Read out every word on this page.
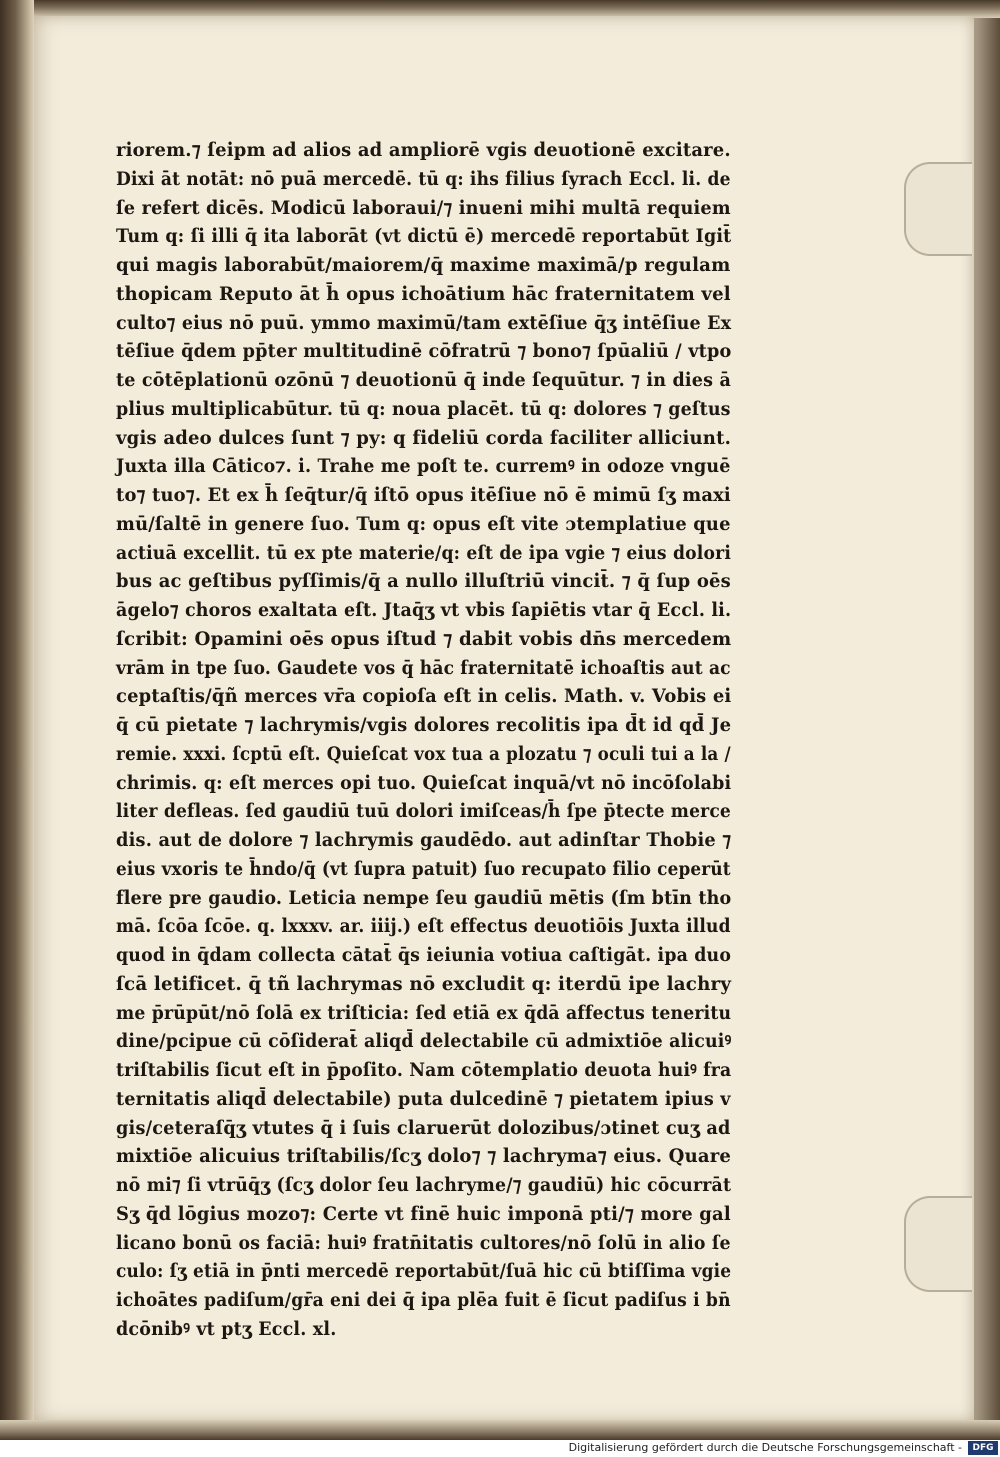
riorem.⁊ ſeipm ad alios ad ampliorē vgis deuotionē excitare.
Dixi āt notāt: nō puā mercedē. tū q: ihs filius ſyrach Eccl. li. de
ſe refert dicēs. Modicū laboraui/⁊ inueni mihi multā requiem
Tum q: ſi illi q̄ ita laborāt (vt dictū ē) mercedē reportabūt Igit̄
qui magis laborabūt/maiorem/q̄ maxime maximā/p regulam
thopicam Reputo āt h̄ opus ichoātium hāc fraternitatem vel
culto⁊ eius nō puū. ymmo maximū/tam extēſiue q̄ʒ intēſiue Ex
tēſiue q̄dem pp̄ter multitudinē cōfratrū ⁊ bono⁊ ſpūaliū / vtpo
te cōtēplationū ozōnū ⁊ deuotionū q̄ inde ſequūtur. ⁊ in dies ā
plius multiplicabūtur. tū q: noua placēt. tū q: dolores ⁊ geſtus
vgis adeo dulces ſunt ⁊ py: q fideliū corda faciliter alliciunt.
Juxta illa Cātico⁊. i. Trahe me poſt te. curremꝰ in odoze vnguē
to⁊ tuo⁊. Et ex h̄ ſeq̄tur/q̄ iſtō opus itēſiue nō ē mimū ſʒ maxi
mū/ſaltē in genere ſuo. Tum q: opus eſt vite ɔtemplatiue que
actiuā excellit. tū ex pte materie/q: eſt de ipa vgie ⁊ eius dolori
bus ac geſtibus pyſſimis/q̄ a nullo illuſtriū vincit̄. ⁊ q̄ ſup oēs
āgelo⁊ choros exaltata eſt. Jtaq̄ʒ vt vbis ſapiētis vtar q̄ Eccl. li.
ſcribit: Opamini oēs opus iſtud ⁊ dabit vobis dn̄s mercedem
vrām in tpe ſuo. Gaudete vos q̄ hāc fraternitatē ichoaſtis aut ac
ceptaſtis/q̄ñ merces vr̄a copioſa eſt in celis. Math. v. Vobis ei
q̄ cū pietate ⁊ lachrymis/vgis dolores recolitis ipa d̄t id qd̄ Je
remie. xxxi. ſcptū eſt. Quieſcat vox tua a plozatu ⁊ oculi tui a la /
chrimis. q: eſt merces opi tuo. Quieſcat inquā/vt nō incōſolabi
liter defleas. ſed gaudiū tuū dolori imiſceas/h̄ ſpe p̄tecte merce
dis. aut de dolore ⁊ lachrymis gaudēdo. aut adinſtar Thobie ⁊
eius vxoris te h̄ndo/q̄ (vt ſupra patuit) ſuo recupato filio ceperūt
flere pre gaudio. Leticia nempe ſeu gaudiū mētis (ſm btīn tho
mā. ſcōa ſcōe. q. lxxxv. ar. iiij.) eſt effectus deuotiōis Juxta illud
quod in q̄dam collecta cātat̄ q̄s ieiunia votiua caſtigāt. ipa duo
ſcā letificet. q̄ tñ lachrymas nō excludit q: iterdū ipe lachry
me p̄rūpūt/nō ſolā ex triſticia: ſed etiā ex q̄dā affectus teneritu
dine/pcipue cū cōſiderat̄ aliqd̄ delectabile cū admixtiōe alicuiꝰ
triſtabilis ſicut eſt in p̄poſito. Nam cōtemplatio deuota huiꝰ fra
ternitatis aliqd̄ delectabile) puta dulcedinē ⁊ pietatem ipius v
gis/ceteraſq̄ʒ vtutes q̄ i ſuis claruerūt dolozibus/ɔtinet cuʒ ad
mixtiōe alicuius triſtabilis/ſcʒ dolo⁊ ⁊ lachryma⁊ eius. Quare
nō mi⁊ ſi vtrūq̄ʒ (ſcʒ dolor ſeu lachryme/⁊ gaudiū) hic cōcurrāt
Sʒ q̄d lōgius mozo⁊: Certe vt finē huic imponā pti/⁊ more gal
licano bonū os faciā: huiꝰ fratn̄itatis cultores/nō ſolū in alio ſe
culo: ſʒ etiā in p̄nti mercedē reportabūt/ſuā hic cū btiſſima vgie
ichoātes padiſum/gr̄a eni dei q̄ ipa plēa fuit ē ſicut padiſus i bn̄
dcōnibꝰ vt ptʒ Eccl. xl.
Digitalisierung gefördert durch die Deutsche Forschungsgemeinschaft -	DFG
